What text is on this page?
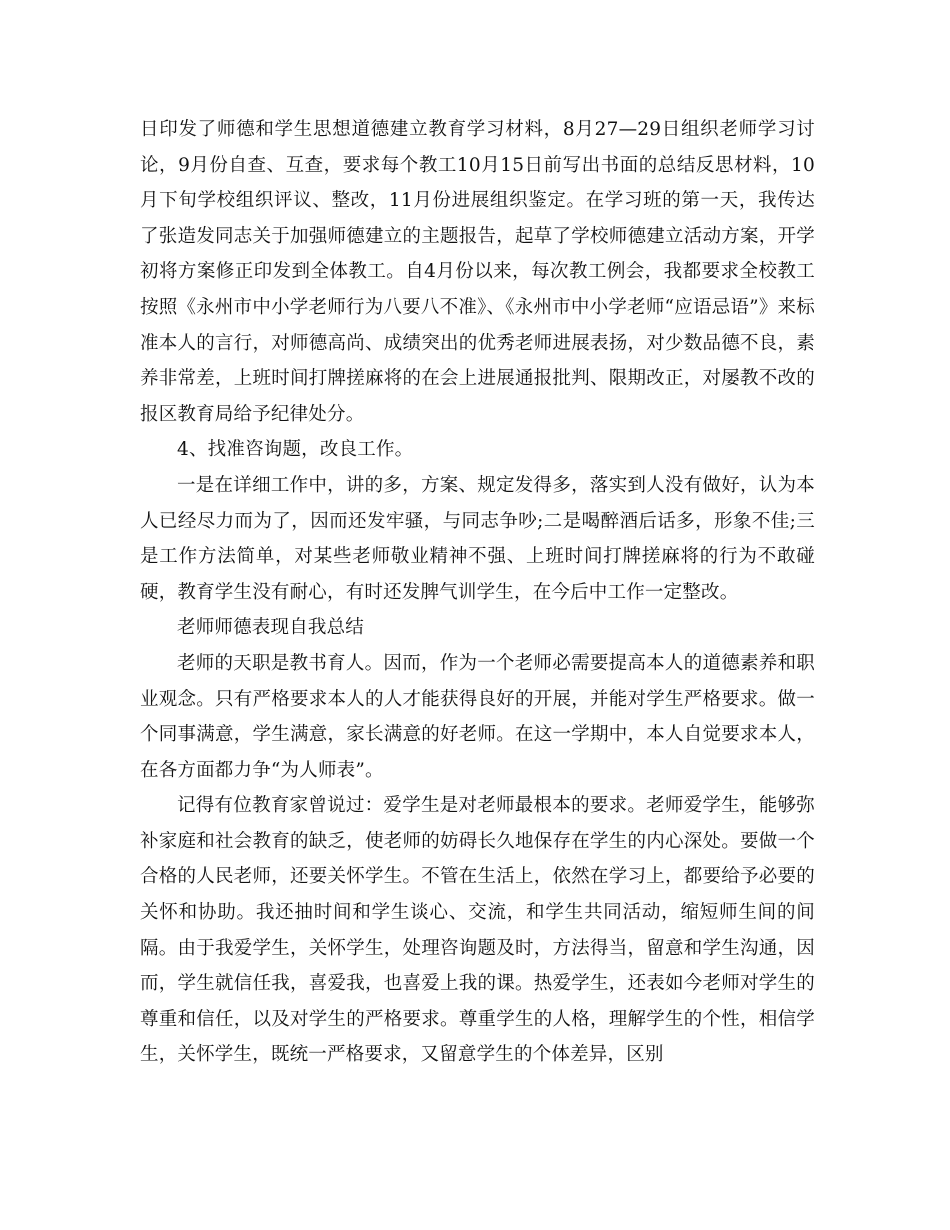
日印发了师德和学生思想道德建立教育学习材料，8月27—29日组织老师学习讨论，9月份自查、互查，要求每个教工10月15日前写出书面的总结反思材料，10月下旬学校组织评议、整改，11月份进展组织鉴定。在学习班的第一天，我传达了张造发同志关于加强师德建立的主题报告，起草了学校师德建立活动方案，开学初将方案修正印发到全体教工。自4月份以来，每次教工例会，我都要求全校教工按照《永州市中小学老师行为八要八不准》、《永州市中小学老师“应语忌语”》来标准本人的言行，对师德高尚、成绩突出的优秀老师进展表扬，对少数品德不良，素养非常差，上班时间打牌搓麻将的在会上进展通报批判、限期改正，对屡教不改的报区教育局给予纪律处分。

4、找准咨询题，改良工作。

一是在详细工作中，讲的多，方案、规定发得多，落实到人没有做好，认为本人已经尽力而为了，因而还发牢骚，与同志争吵;二是喝醉酒后话多，形象不佳;三是工作方法简单，对某些老师敬业精神不强、上班时间打牌搓麻将的行为不敢碰硬，教育学生没有耐心，有时还发脾气训学生，在今后中工作一定整改。

老师师德表现自我总结

老师的天职是教书育人。因而，作为一个老师必需要提高本人的道德素养和职业观念。只有严格要求本人的人才能获得良好的开展，并能对学生严格要求。做一个同事满意，学生满意，家长满意的好老师。在这一学期中，本人自觉要求本人，在各方面都力争“为人师表”。

记得有位教育家曾说过：爱学生是对老师最根本的要求。老师爱学生，能够弥补家庭和社会教育的缺乏，使老师的妨碍长久地保存在学生的内心深处。要做一个合格的人民老师，还要关怀学生。不管在生活上，依然在学习上，都要给予必要的关怀和协助。我还抽时间和学生谈心、交流，和学生共同活动，缩短师生间的间隔。由于我爱学生，关怀学生，处理咨询题及时，方法得当，留意和学生沟通，因而，学生就信任我，喜爱我，也喜爱上我的课。热爱学生，还表如今老师对学生的尊重和信任，以及对学生的严格要求。尊重学生的人格，理解学生的个性，相信学生，关怀学生，既统一严格要求，又留意学生的个体差异，区别
